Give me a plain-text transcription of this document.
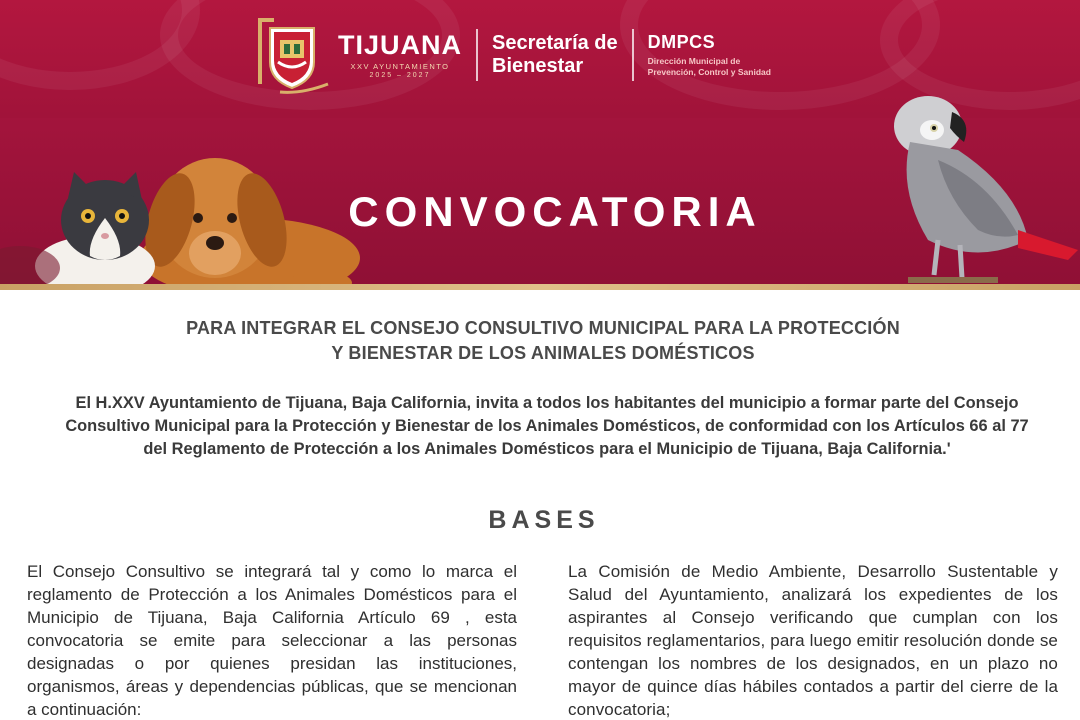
TIJUANA
XXV AYUNTAMIENTO
2025 – 2027
Secretaría de
Bienestar
DMPCS
Dirección Municipal de
Prevención, Control y Sanidad
CONVOCATORIA
PARA INTEGRAR EL CONSEJO CONSULTIVO MUNICIPAL PARA LA PROTECCIÓN
Y BIENESTAR DE LOS ANIMALES DOMÉSTICOS

El H.XXV Ayuntamiento de Tijuana, Baja California, invita a todos los habitantes del municipio a formar parte del Consejo Consultivo Municipal para la Protección y Bienestar de los Animales Domésticos, de conformidad con los Artículos 66 al 77 del Reglamento de Protección a los Animales Domésticos para el Municipio de Tijuana, Baja California.'

BASES

El Consejo Consultivo se integrará tal y como lo marca el reglamento de Protección a los Animales Domésticos para el Municipio de Tijuana, Baja California Artículo 69 , esta convocatoria se emite para seleccionar a las personas designadas o por quienes presidan las instituciones, organismos, áreas y dependencias públicas, que se mencionan a continuación:

La Comisión de Medio Ambiente, Desarrollo Sustentable y Salud del Ayuntamiento, analizará los expedientes de los aspirantes al Consejo verificando que cumplan con los requisitos reglamentarios, para luego emitir resolución donde se contengan los nombres de los designados, en un plazo no mayor de quince días hábiles contados a partir del cierre de la convocatoria;
